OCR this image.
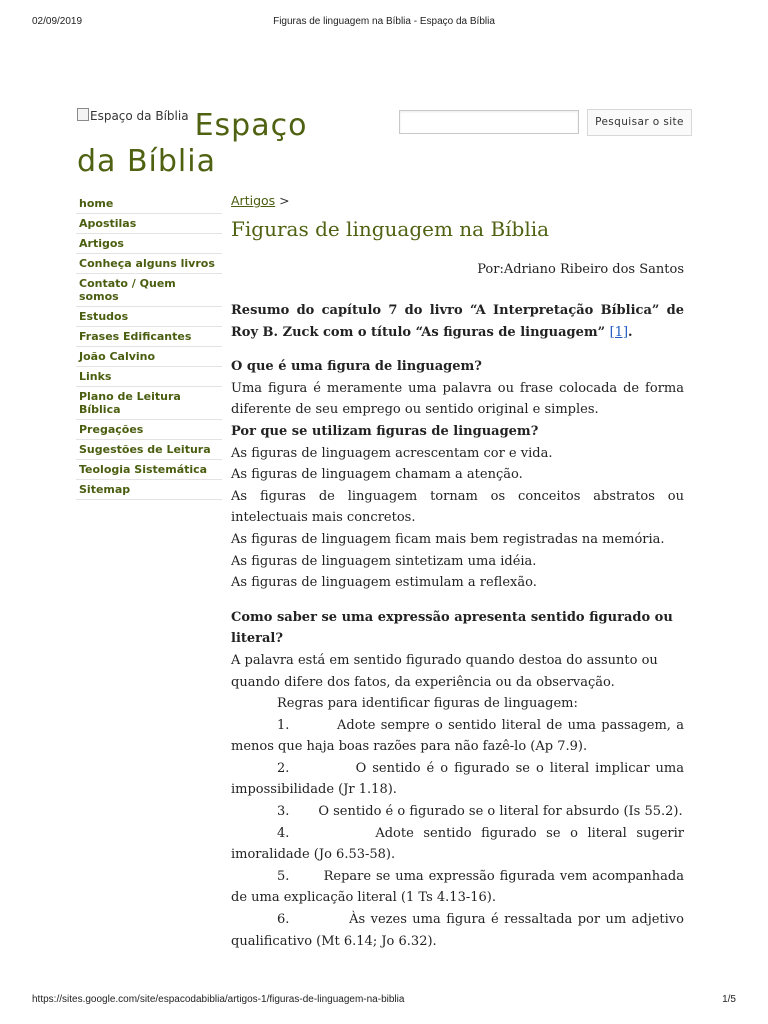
02/09/2019	Figuras de linguagem na Bíblia - Espaço da Bíblia
Espaço da Bíblia Espaço
da Bíblia
Pesquisar o site
home
Apostilas
Artigos
Conheça alguns livros
Contato / Quem somos
Estudos
Frases Edificantes
João Calvino
Links
Plano de Leitura Bíblica
Pregações
Sugestões de Leitura
Teologia Sistemática
Sitemap
Artigos >
Figuras de linguagem na Bíblia
Por:Adriano Ribeiro dos Santos

Resumo do capítulo 7 do livro “A Interpretação Bíblica” de Roy B. Zuck com o título “As figuras de linguagem” [1].

O que é uma figura de linguagem?

Uma figura é meramente uma palavra ou frase colocada de forma diferente de seu emprego ou sentido original e simples.

Por que se utilizam figuras de linguagem?

As figuras de linguagem acrescentam cor e vida.

As figuras de linguagem chamam a atenção.

As figuras de linguagem tornam os conceitos abstratos ou intelectuais mais concretos.

As figuras de linguagem ficam mais bem registradas na memória.

As figuras de linguagem sintetizam uma idéia.

As figuras de linguagem estimulam a reflexão.

Como saber se uma expressão apresenta sentido figurado ou literal?

A palavra está em sentido figurado quando destoa do assunto ou quando difere dos fatos, da experiência ou da observação.

Regras para identificar figuras de linguagem:

1.	Adote sempre o sentido literal de uma passagem, a menos que haja boas razões para não fazê-lo (Ap 7.9).

2.	O sentido é o figurado se o literal implicar uma impossibilidade (Jr 1.18).

3. O sentido é o figurado se o literal for absurdo (Is 55.2).

4.	Adote sentido figurado se o literal sugerir imoralidade (Jo 6.53-58).

5.	Repare se uma expressão figurada vem acompanhada de uma explicação literal (1 Ts 4.13-16).

6.	Às vezes uma figura é ressaltada por um adjetivo qualificativo (Mt 6.14; Jo 6.32).

https://sites.google.com/site/espacodabiblia/artigos-1/figuras-de-linguagem-na-biblia	1/5
